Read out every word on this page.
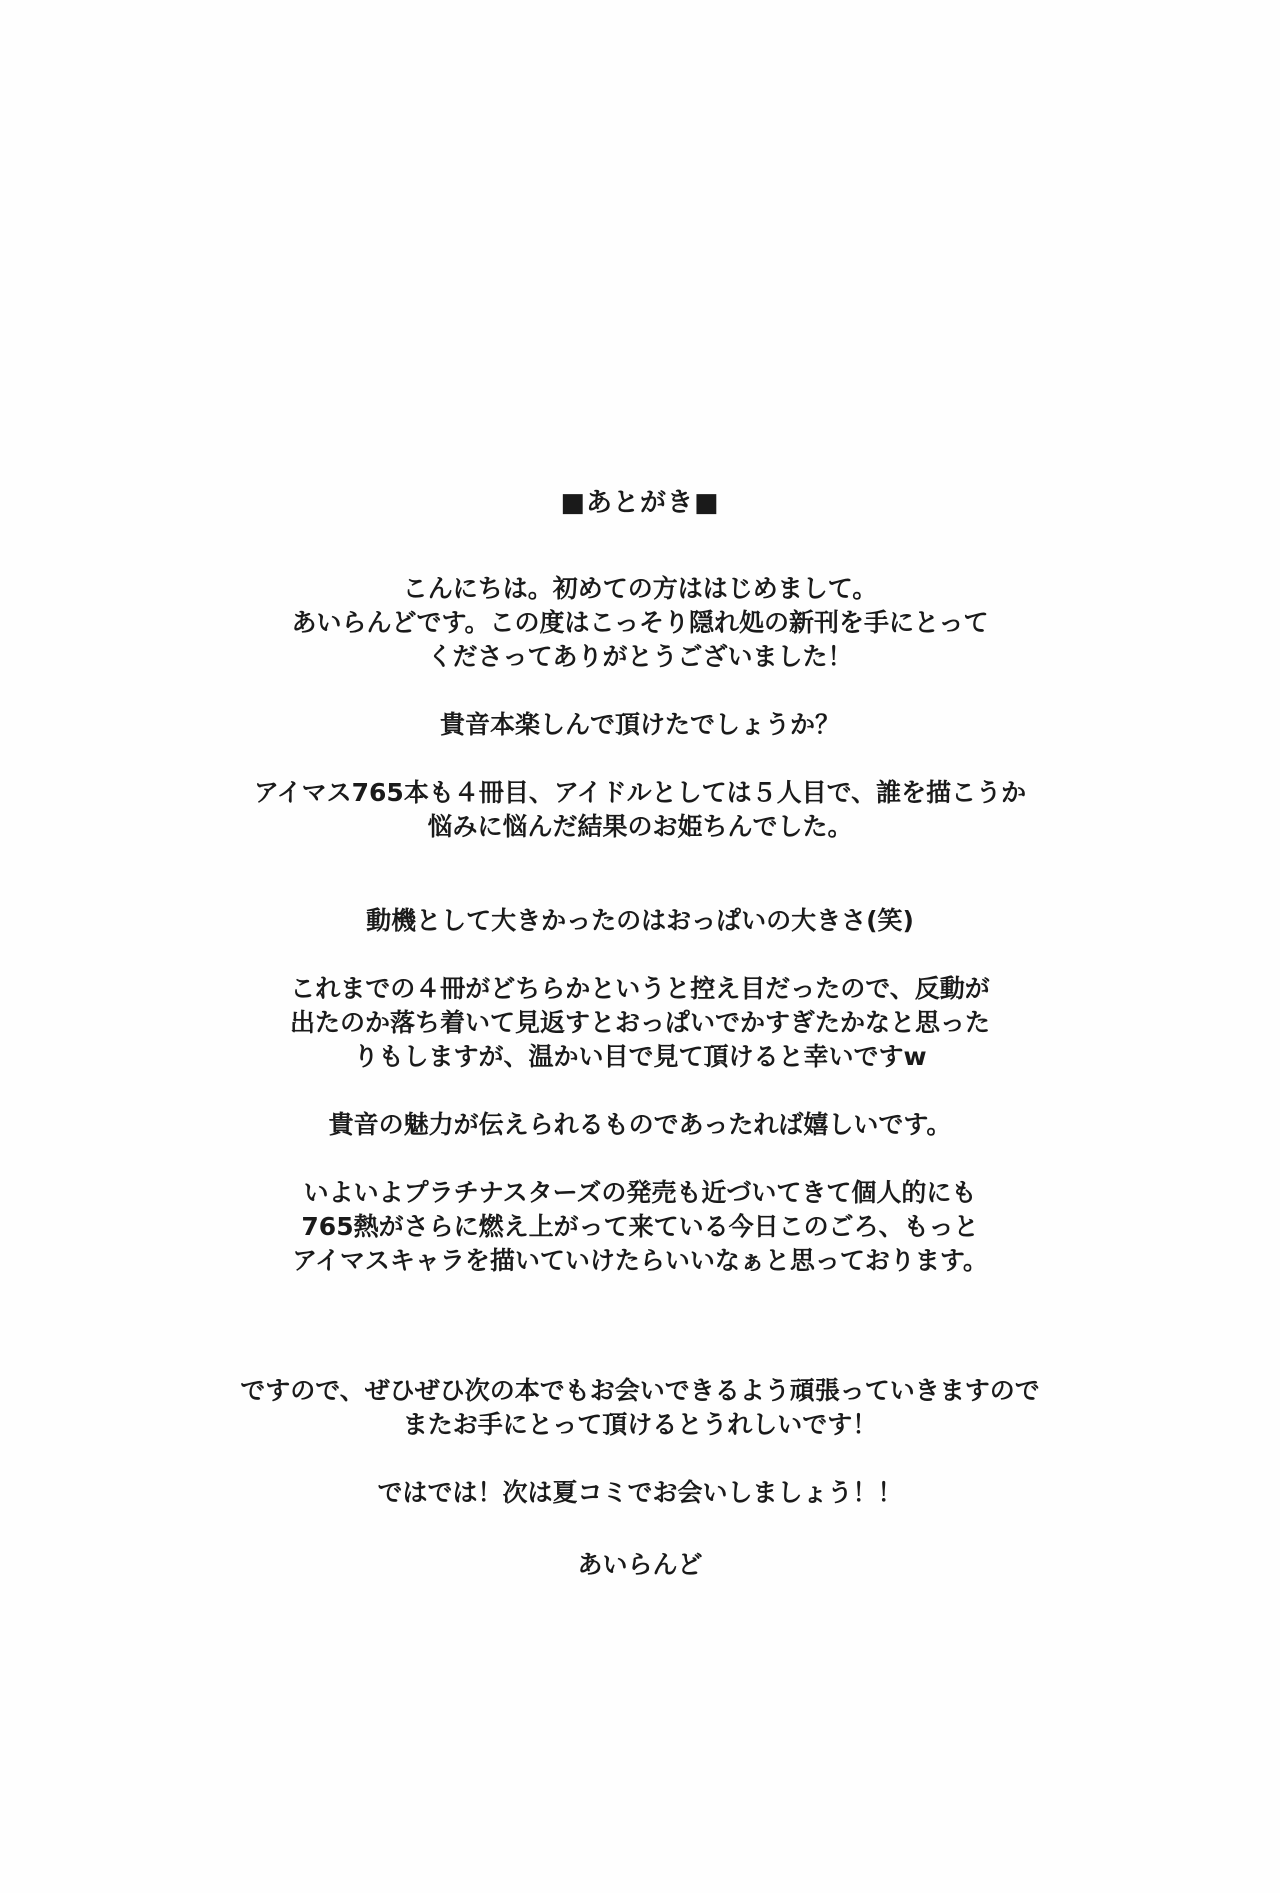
■あとがき■

こんにちは。初めての方ははじめまして。
あいらんどです。この度はこっそり隠れ処の新刊を手にとって
くださってありがとうございました！

貴音本楽しんで頂けたでしょうか？

アイマス765本も４冊目、アイドルとしては５人目で、誰を描こうか
悩みに悩んだ結果のお姫ちんでした。

動機として大きかったのはおっぱいの大きさ(笑)

これまでの４冊がどちらかというと控え目だったので、反動が
出たのか落ち着いて見返すとおっぱいでかすぎたかなと思った
りもしますが、温かい目で見て頂けると幸いですw

貴音の魅力が伝えられるものであったれば嬉しいです。

いよいよプラチナスターズの発売も近づいてきて個人的にも
765熱がさらに燃え上がって来ている今日このごろ、もっと
アイマスキャラを描いていけたらいいなぁと思っております。

ですので、ぜひぜひ次の本でもお会いできるよう頑張っていきますので
またお手にとって頂けるとうれしいです！

ではでは！次は夏コミでお会いしましょう！！

あいらんど
